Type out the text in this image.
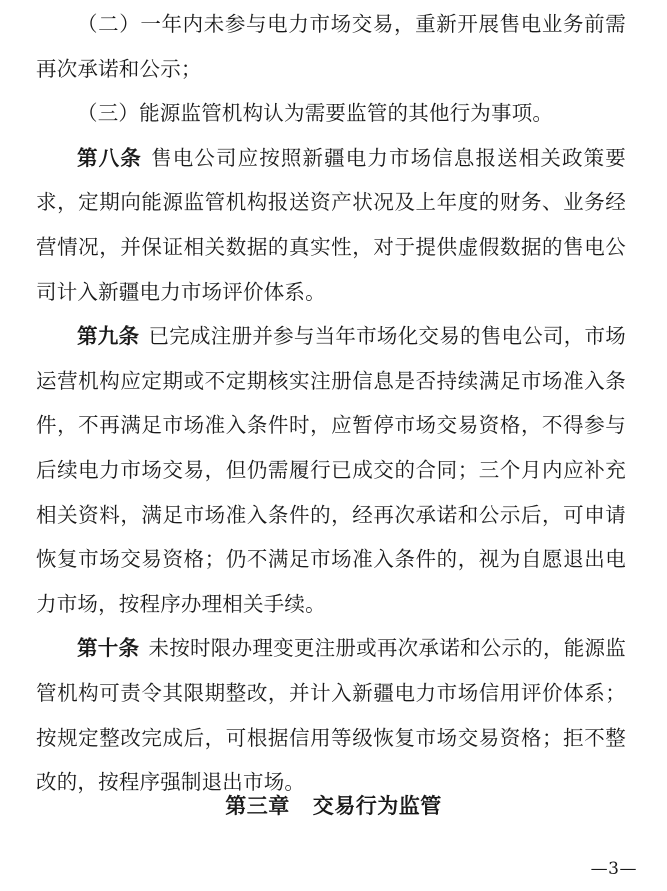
（二）一年内未参与电力市场交易，重新开展售电业务前需再次承诺和公示；

（三）能源监管机构认为需要监管的其他行为事项。

第八条 售电公司应按照新疆电力市场信息报送相关政策要求，定期向能源监管机构报送资产状况及上年度的财务、业务经营情况，并保证相关数据的真实性，对于提供虚假数据的售电公司计入新疆电力市场评价体系。

第九条 已完成注册并参与当年市场化交易的售电公司，市场运营机构应定期或不定期核实注册信息是否持续满足市场准入条件，不再满足市场准入条件时，应暂停市场交易资格，不得参与后续电力市场交易，但仍需履行已成交的合同；三个月内应补充相关资料，满足市场准入条件的，经再次承诺和公示后，可申请恢复市场交易资格；仍不满足市场准入条件的，视为自愿退出电力市场，按程序办理相关手续。

第十条 未按时限办理变更注册或再次承诺和公示的，能源监管机构可责令其限期整改，并计入新疆电力市场信用评价体系；按规定整改完成后，可根据信用等级恢复市场交易资格；拒不整改的，按程序强制退出市场。

第三章 交易行为监管
—3—
